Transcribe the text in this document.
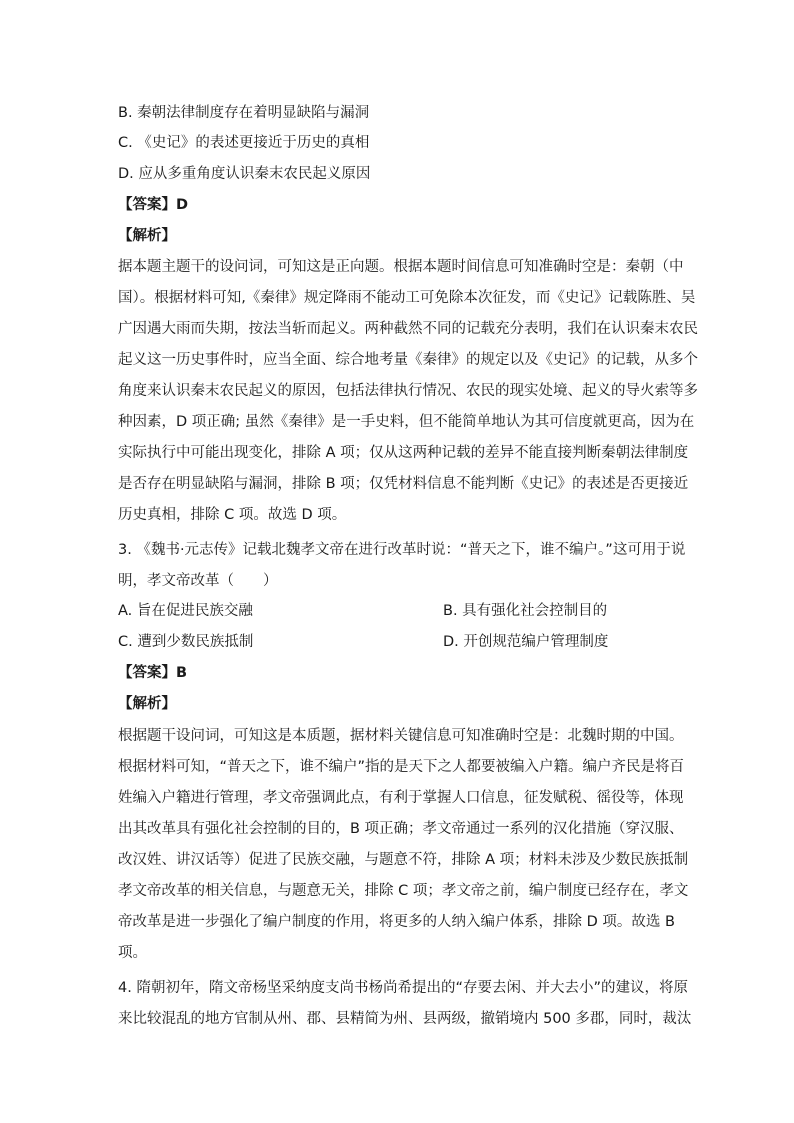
B. 秦朝法律制度存在着明显缺陷与漏洞
C. 《史记》的表述更接近于历史的真相
D. 应从多重角度认识秦末农民起义原因
【答案】D
【解析】
据本题主题干的设问词，可知这是正向题。根据本题时间信息可知准确时空是：秦朝（中
国）。根据材料可知,《秦律》规定降雨不能动工可免除本次征发，而《史记》记载陈胜、吴
广因遇大雨而失期，按法当斩而起义。两种截然不同的记载充分表明，我们在认识秦末农民
起义这一历史事件时，应当全面、综合地考量《秦律》的规定以及《史记》的记载，从多个
角度来认识秦末农民起义的原因，包括法律执行情况、农民的现实处境、起义的导火索等多
种因素，D 项正确; 虽然《秦律》是一手史料，但不能简单地认为其可信度就更高，因为在
实际执行中可能出现变化，排除 A 项；仅从这两种记载的差异不能直接判断秦朝法律制度
是否存在明显缺陷与漏洞，排除 B 项；仅凭材料信息不能判断《史记》的表述是否更接近
历史真相，排除 C 项。故选 D 项。
3. 《魏书·元志传》记载北魏孝文帝在进行改革时说：“普天之下，谁不编户。”这可用于说
明，孝文帝改革（　　）
A. 旨在促进民族交融	B. 具有强化社会控制目的
C. 遭到少数民族抵制	D. 开创规范编户管理制度
【答案】B
【解析】
根据题干设问词，可知这是本质题，据材料关键信息可知准确时空是：北魏时期的中国。
根据材料可知，“普天之下，谁不编户”指的是天下之人都要被编入户籍。编户齐民是将百
姓编入户籍进行管理，孝文帝强调此点，有利于掌握人口信息，征发赋税、徭役等，体现
出其改革具有强化社会控制的目的，B 项正确；孝文帝通过一系列的汉化措施（穿汉服、
改汉姓、讲汉话等）促进了民族交融，与题意不符，排除 A 项；材料未涉及少数民族抵制
孝文帝改革的相关信息，与题意无关，排除 C 项；孝文帝之前，编户制度已经存在，孝文
帝改革是进一步强化了编户制度的作用，将更多的人纳入编户体系，排除 D 项。故选 B
项。
4. 隋朝初年，隋文帝杨坚采纳度支尚书杨尚希提出的“存要去闲、并大去小”的建议，将原
来比较混乱的地方官制从州、郡、县精简为州、县两级，撤销境内 500 多郡，同时，裁汰
